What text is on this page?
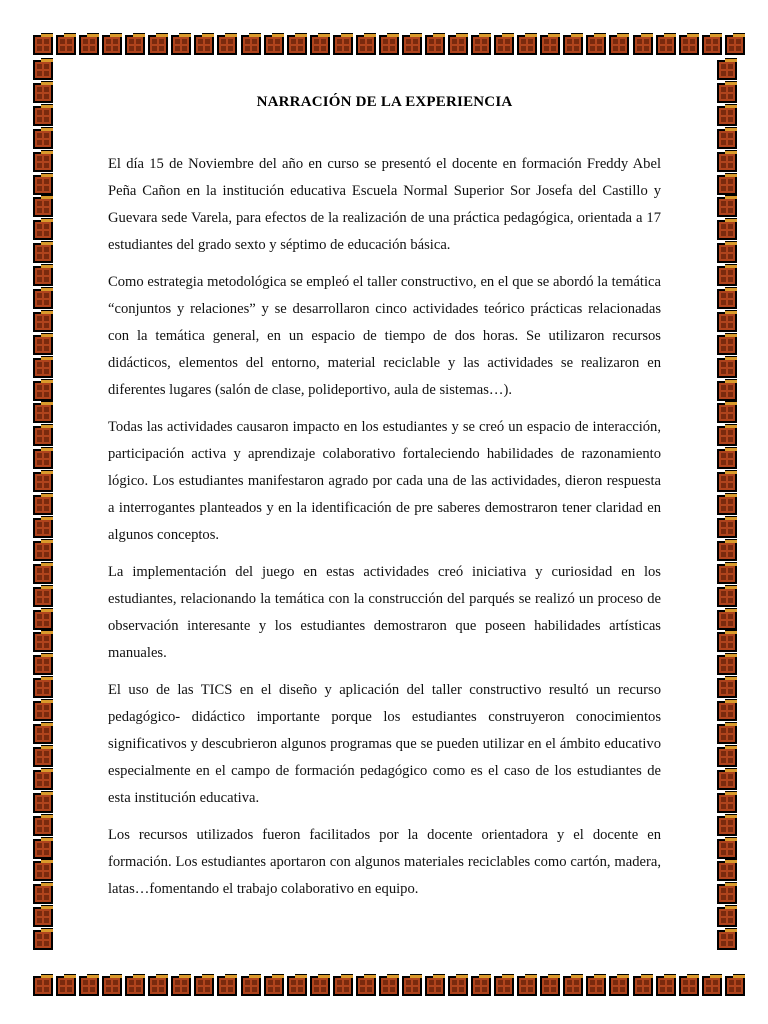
NARRACIÓN DE LA EXPERIENCIA

El día 15 de Noviembre del año en curso se presentó el docente en formación Freddy Abel Peña Cañon en la institución educativa Escuela Normal Superior Sor Josefa del Castillo y Guevara sede Varela, para efectos de la realización de una práctica pedagógica, orientada a 17 estudiantes del grado sexto y séptimo de educación básica.

Como estrategia metodológica se empleó el taller constructivo, en el que se abordó la temática “conjuntos y relaciones” y se desarrollaron cinco actividades teórico prácticas relacionadas con la temática general, en un espacio de tiempo de dos horas. Se utilizaron recursos didácticos, elementos del entorno, material reciclable y las actividades se realizaron en diferentes lugares (salón de clase, polideportivo, aula de sistemas…).

Todas las actividades causaron impacto en los estudiantes y se creó un espacio de interacción, participación activa y aprendizaje colaborativo fortaleciendo habilidades de razonamiento lógico. Los estudiantes manifestaron agrado por cada una de las actividades, dieron respuesta a interrogantes planteados y en la identificación de pre saberes demostraron tener claridad en algunos conceptos.

La implementación del juego en estas actividades creó iniciativa y curiosidad en los estudiantes, relacionando la temática con la construcción del parqués se realizó un proceso de observación interesante y los estudiantes demostraron que poseen habilidades artísticas manuales.

El uso de las TICS en el diseño y aplicación del taller constructivo resultó un recurso pedagógico- didáctico importante porque los estudiantes construyeron conocimientos significativos y descubrieron algunos programas que se pueden utilizar en el ámbito educativo especialmente en el campo de formación pedagógico como es el caso de los estudiantes de esta institución educativa.

Los recursos utilizados fueron facilitados por la docente orientadora y el docente en formación. Los estudiantes aportaron con algunos materiales reciclables como cartón, madera, latas…fomentando el trabajo colaborativo en equipo.
